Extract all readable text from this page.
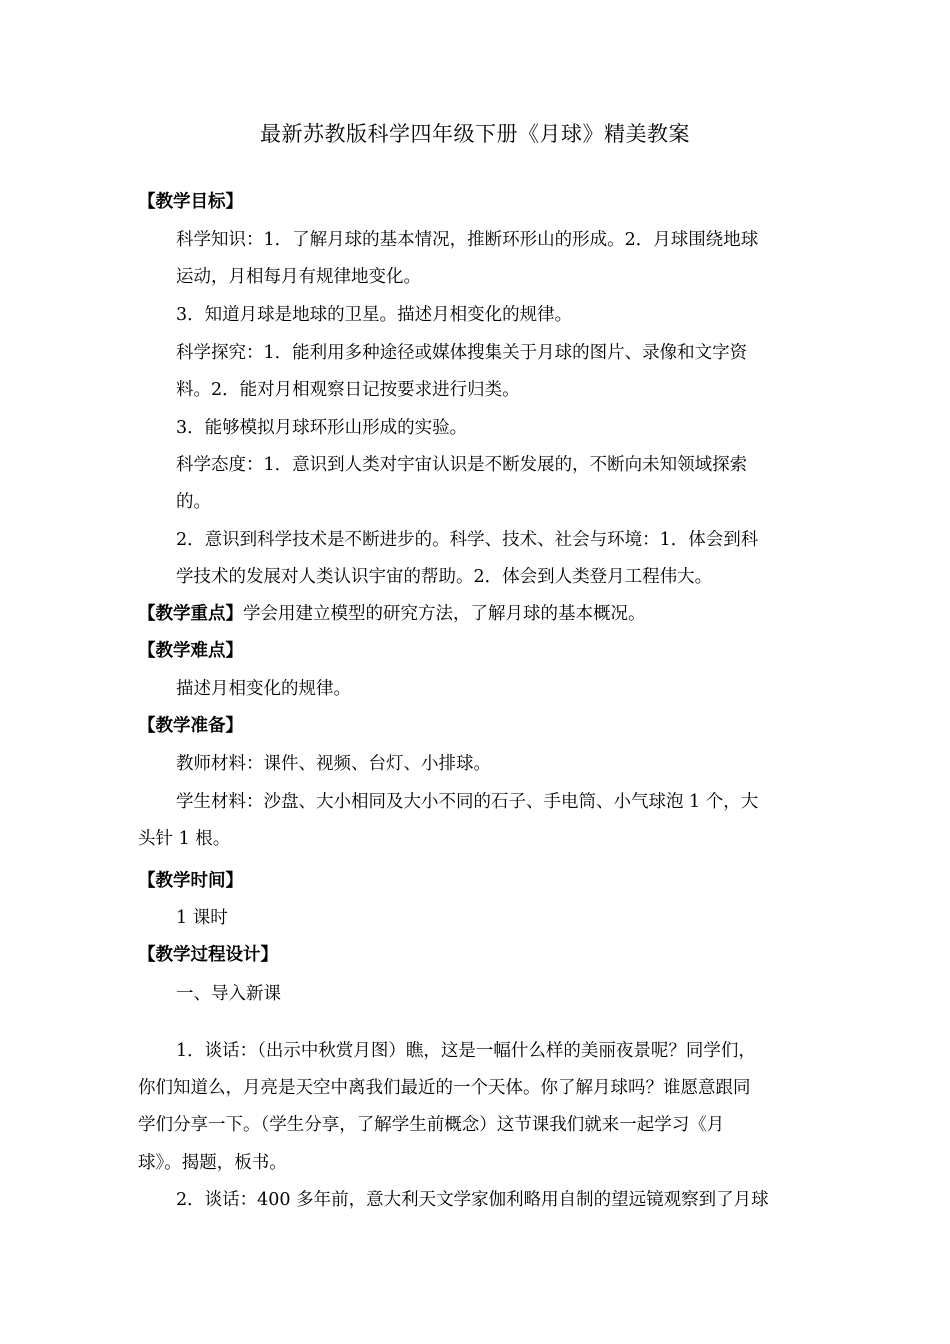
最新苏教版科学四年级下册《月球》精美教案
【教学目标】
科学知识：1．了解月球的基本情况，推断环形山的形成。2．月球围绕地球
运动，月相每月有规律地变化。
3．知道月球是地球的卫星。描述月相变化的规律。
科学探究：1．能利用多种途径或媒体搜集关于月球的图片、录像和文字资
料。2．能对月相观察日记按要求进行归类。
3．能够模拟月球环形山形成的实验。
科学态度：1．意识到人类对宇宙认识是不断发展的，不断向未知领域探索
的。
2．意识到科学技术是不断进步的。科学、技术、社会与环境：1．体会到科
学技术的发展对人类认识宇宙的帮助。2．体会到人类登月工程伟大。
【教学重点】学会用建立模型的研究方法，了解月球的基本概况。
【教学难点】
描述月相变化的规律。
【教学准备】
教师材料：课件、视频、台灯、小排球。
学生材料：沙盘、大小相同及大小不同的石子、手电筒、小气球泡 1 个，大
头针 1 根。
【教学时间】
1 课时
【教学过程设计】
一、导入新课
1．谈话：（出示中秋赏月图）瞧，这是一幅什么样的美丽夜景呢？同学们，
你们知道么，月亮是天空中离我们最近的一个天体。你了解月球吗？谁愿意跟同
学们分享一下。（学生分享，了解学生前概念）这节课我们就来一起学习《月
球》。揭题，板书。
2．谈话：400 多年前，意大利天文学家伽利略用自制的望远镜观察到了月球
